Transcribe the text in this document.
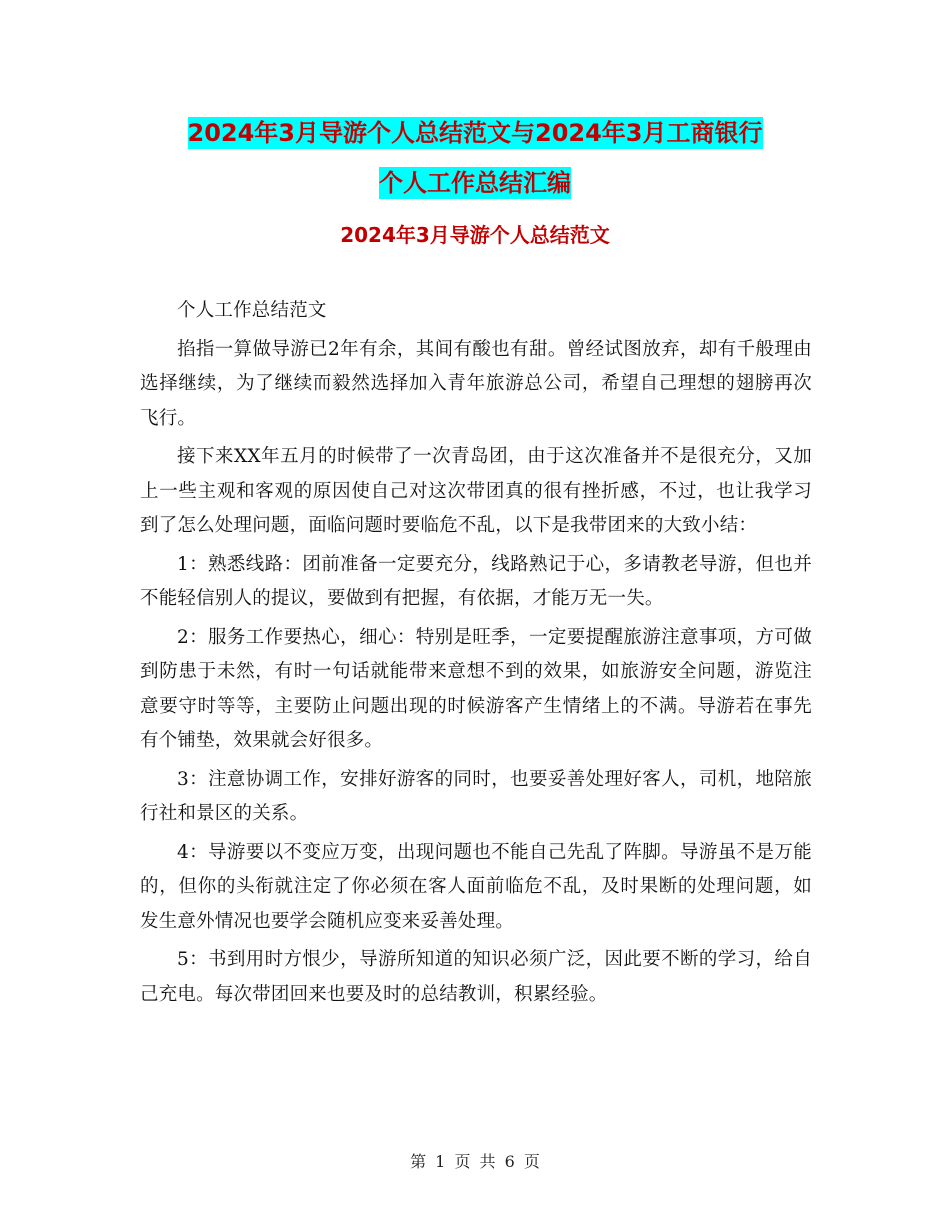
2024年3月导游个人总结范文与2024年3月工商银行
个人工作总结汇编
2024年3月导游个人总结范文

个人工作总结范文

掐指一算做导游已2年有余，其间有酸也有甜。曾经试图放弃，却有千般理由选择继续，为了继续而毅然选择加入青年旅游总公司，希望自己理想的翅膀再次飞行。

接下来XX年五月的时候带了一次青岛团，由于这次准备并不是很充分，又加上一些主观和客观的原因使自己对这次带团真的很有挫折感，不过，也让我学习到了怎么处理问题，面临问题时要临危不乱，以下是我带团来的大致小结：

1：熟悉线路：团前准备一定要充分，线路熟记于心，多请教老导游，但也并不能轻信别人的提议，要做到有把握，有依据，才能万无一失。

2：服务工作要热心，细心：特别是旺季，一定要提醒旅游注意事项，方可做到防患于未然，有时一句话就能带来意想不到的效果，如旅游安全问题，游览注意要守时等等，主要防止问题出现的时候游客产生情绪上的不满。导游若在事先有个铺垫，效果就会好很多。

3：注意协调工作，安排好游客的同时，也要妥善处理好客人，司机，地陪旅行社和景区的关系。

4：导游要以不变应万变，出现问题也不能自己先乱了阵脚。导游虽不是万能的，但你的头衔就注定了你必须在客人面前临危不乱，及时果断的处理问题，如发生意外情况也要学会随机应变来妥善处理。

5：书到用时方恨少，导游所知道的知识必须广泛，因此要不断的学习，给自己充电。每次带团回来也要及时的总结教训，积累经验。

第 1 页 共 6 页
